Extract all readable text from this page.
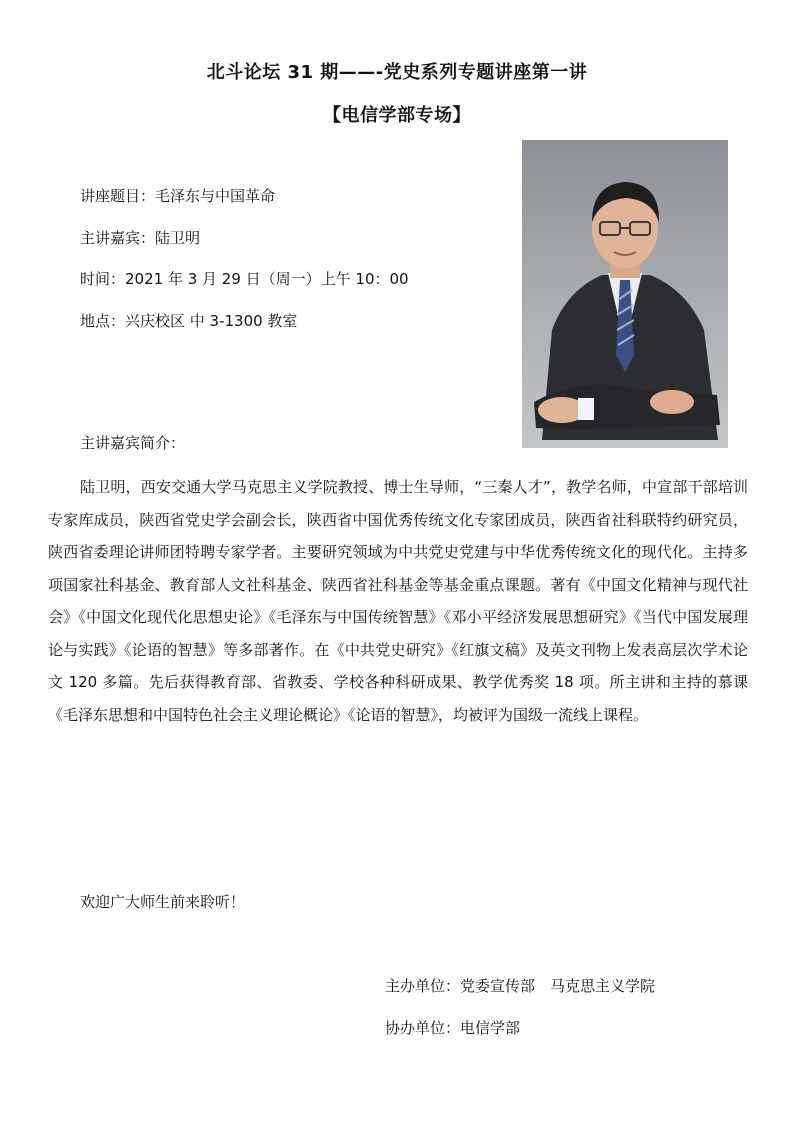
北斗论坛 31 期——-党史系列专题讲座第一讲
【电信学部专场】
讲座题目：毛泽东与中国革命
主讲嘉宾：陆卫明
时间：2021 年 3 月 29 日（周一）上午 10：00
地点：兴庆校区 中 3-1300 教室
主讲嘉宾简介：

陆卫明，西安交通大学马克思主义学院教授、博士生导师，“三秦人才”，教学名师，中宣部干部培训专家库成员，陕西省党史学会副会长，陕西省中国优秀传统文化专家团成员，陕西省社科联特约研究员，陕西省委理论讲师团特聘专家学者。主要研究领域为中共党史党建与中华优秀传统文化的现代化。主持多项国家社科基金、教育部人文社科基金、陕西省社科基金等基金重点课题。著有《中国文化精神与现代社会》《中国文化现代化思想史论》《毛泽东与中国传统智慧》《邓小平经济发展思想研究》《当代中国发展理论与实践》《论语的智慧》等多部著作。在《中共党史研究》《红旗文稿》及英文刊物上发表高层次学术论文 120 多篇。先后获得教育部、省教委、学校各种科研成果、教学优秀奖 18 项。所主讲和主持的慕课《毛泽东思想和中国特色社会主义理论概论》《论语的智慧》，均被评为国级一流线上课程。

欢迎广大师生前来聆听！
主办单位：党委宣传部　马克思主义学院
协办单位：电信学部
